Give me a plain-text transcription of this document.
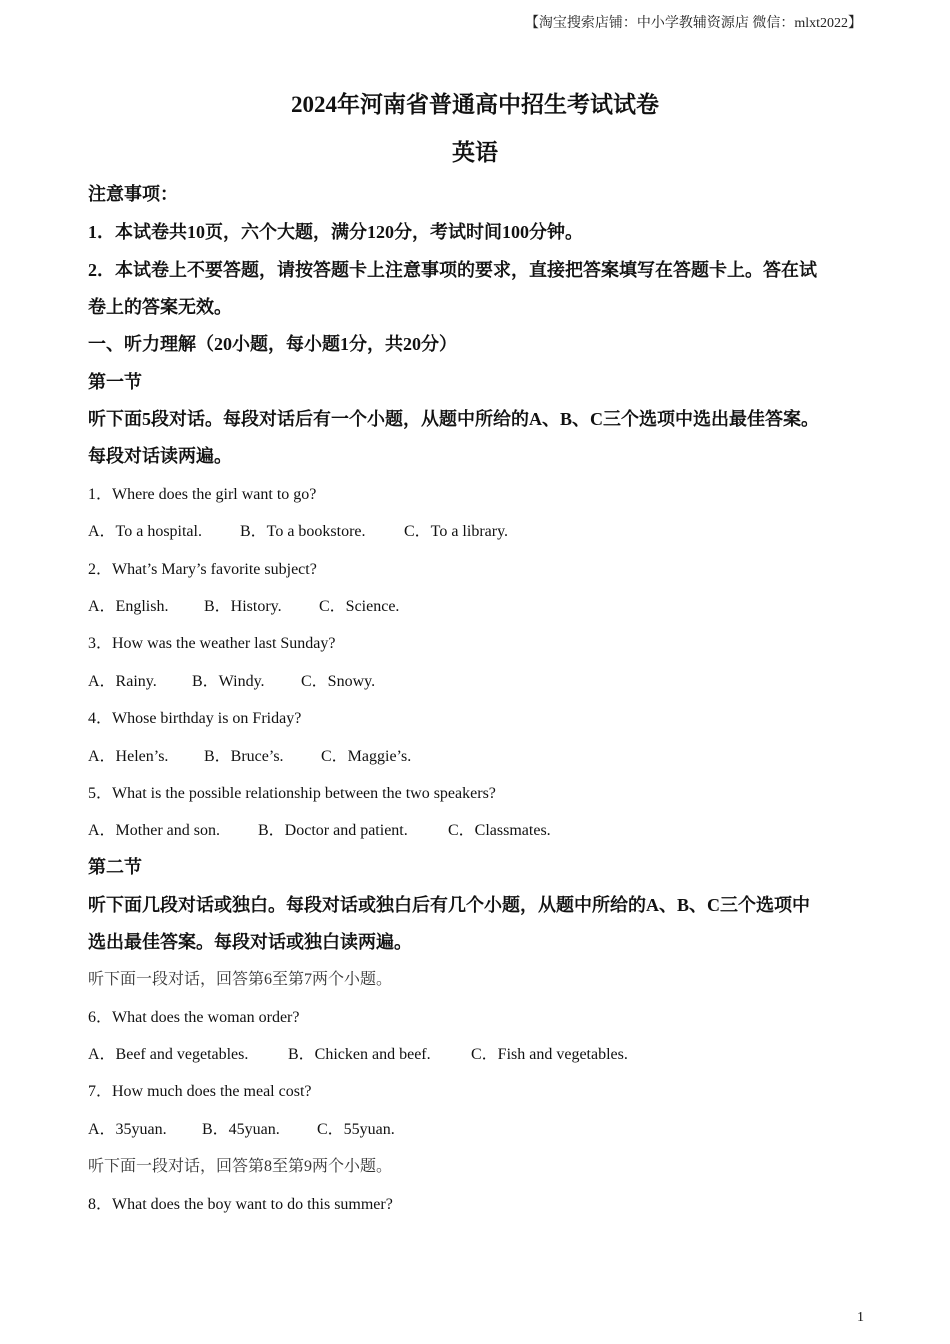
【淘宝搜索店铺：中小学教辅资源店 微信：mlxt2022】
2024年河南省普通高中招生考试试卷
英语
注意事项：
1．本试卷共10页，六个大题，满分120分，考试时间100分钟。
2．本试卷上不要答题，请按答题卡上注意事项的要求，直接把答案填写在答题卡上。答在试
卷上的答案无效。
一、听力理解（20小题，每小题1分，共20分）
第一节
听下面5段对话。每段对话后有一个小题，从题中所给的A、B、C三个选项中选出最佳答案。
每段对话读两遍。
1．Where does the girl want to go?
A．To a hospital. B．To a bookstore. C．To a library.
2．What’s Mary’s favorite subject?
A．English. B．History. C．Science.
3．How was the weather last Sunday?
A．Rainy. B．Windy. C．Snowy.
4．Whose birthday is on Friday?
A．Helen’s. B．Bruce’s. C．Maggie’s.
5．What is the possible relationship between the two speakers?
A．Mother and son. B．Doctor and patient.	C．Classmates.
第二节
听下面几段对话或独白。每段对话或独白后有几个小题，从题中所给的A、B、C三个选项中
选出最佳答案。每段对话或独白读两遍。
听下面一段对话，回答第6至第7两个小题。
6．What does the woman order?
A．Beef and vegetables. B．Chicken and beef.	C．Fish and vegetables.
7．How much does the meal cost?
A．35yuan. B．45yuan. C．55yuan.
听下面一段对话，回答第8至第9两个小题。
8．What does the boy want to do this summer?
1
